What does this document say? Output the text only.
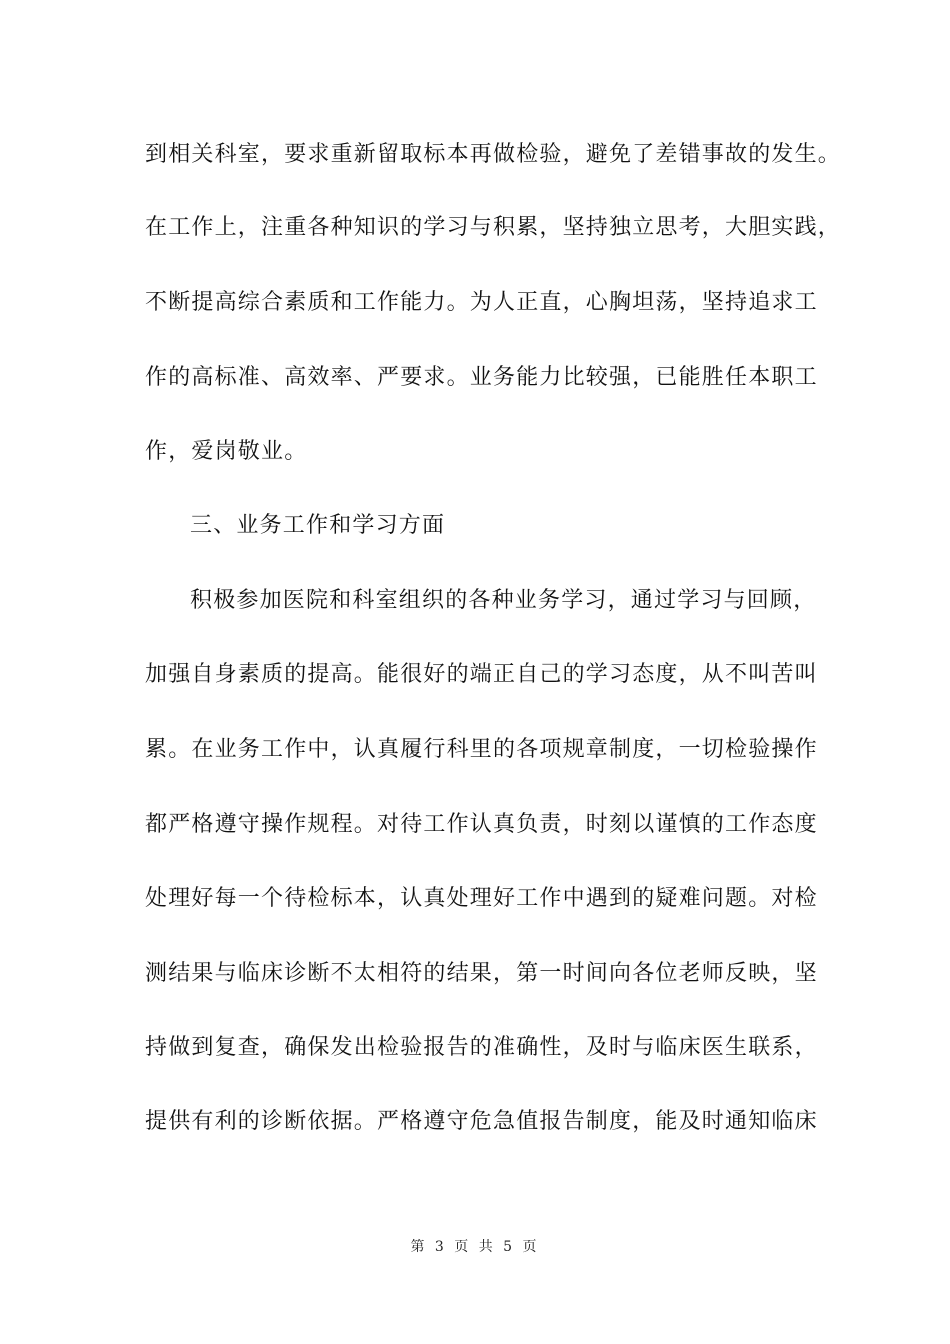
到相关科室，要求重新留取标本再做检验，避免了差错事故的发生。
在工作上，注重各种知识的学习与积累，坚持独立思考，大胆实践，
不断提高综合素质和工作能力。为人正直，心胸坦荡，坚持追求工
作的高标准、高效率、严要求。业务能力比较强，已能胜任本职工
作，爱岗敬业。
三、业务工作和学习方面
积极参加医院和科室组织的各种业务学习，通过学习与回顾，
加强自身素质的提高。能很好的端正自己的学习态度，从不叫苦叫
累。在业务工作中，认真履行科里的各项规章制度，一切检验操作
都严格遵守操作规程。对待工作认真负责，时刻以谨慎的工作态度
处理好每一个待检标本，认真处理好工作中遇到的疑难问题。对检
测结果与临床诊断不太相符的结果，第一时间向各位老师反映，坚
持做到复查，确保发出检验报告的准确性，及时与临床医生联系，
提供有利的诊断依据。严格遵守危急值报告制度，能及时通知临床
第 3 页 共 5 页
